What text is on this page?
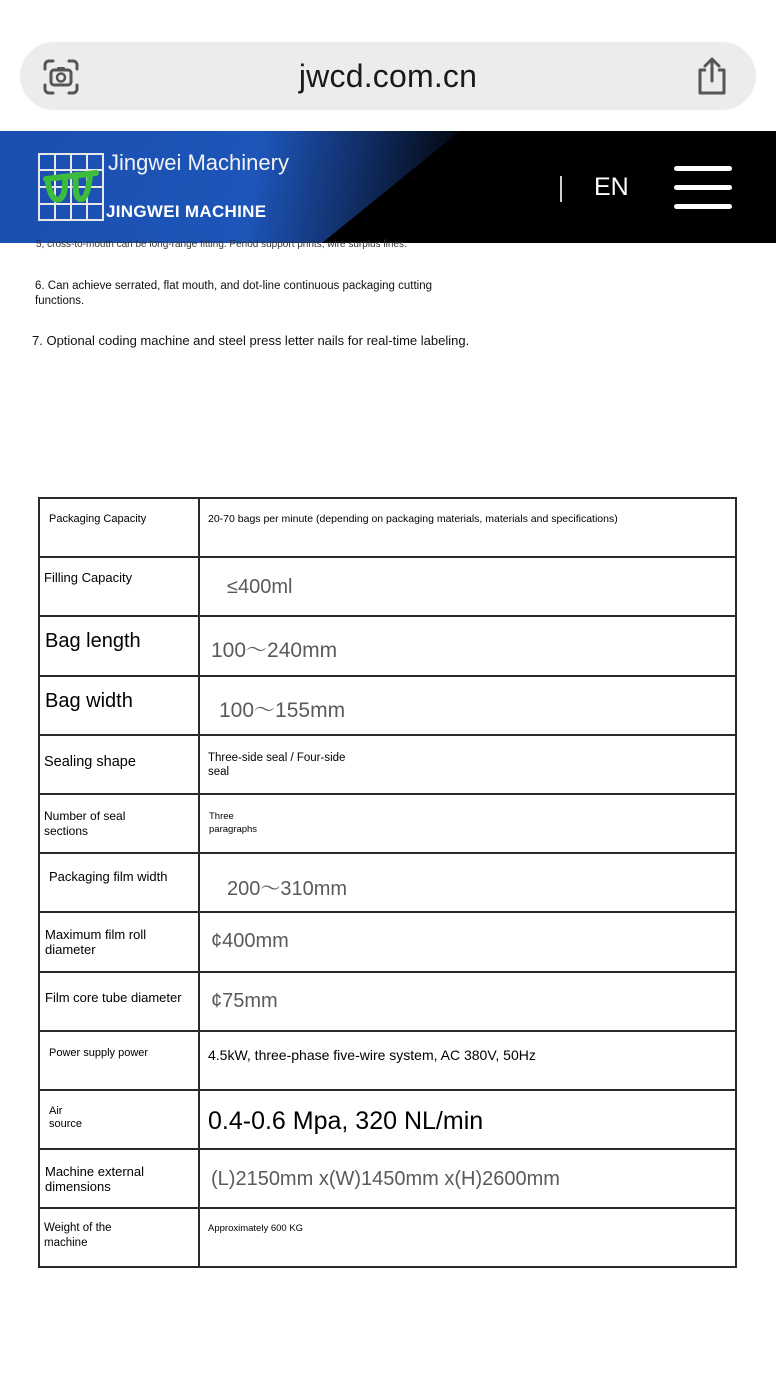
jwcd.com.cn
Jingwei Machinery
JINGWEI MACHINE
EN
5, cross-to-mouth can be long-range fitting. Period support prints, wire surplus lines.
6. Can achieve serrated, flat mouth, and dot-line continuous packaging cutting functions.
7. Optional coding machine and steel press letter nails for real-time labeling.
Packaging Capacity	20-70 bags per minute (depending on packaging materials, materials and specifications)

Filling Capacity	≤400ml

Bag length	100～240mm

Bag width	100～155mm

Sealing shape	Three-side seal / Four-side seal

Number of seal sections	Three paragraphs

Packaging film width	200～310mm

Maximum film roll diameter	¢400mm

Film core tube diameter	¢75mm

Power supply power	4.5kW, three-phase five-wire system, AC 380V, 50Hz

Air source	0.4-0.6 Mpa, 320 NL/min

Machine external dimensions	(L)2150mm x(W)1450mm x(H)2600mm

Weight of the machine	Approximately 600 KG
